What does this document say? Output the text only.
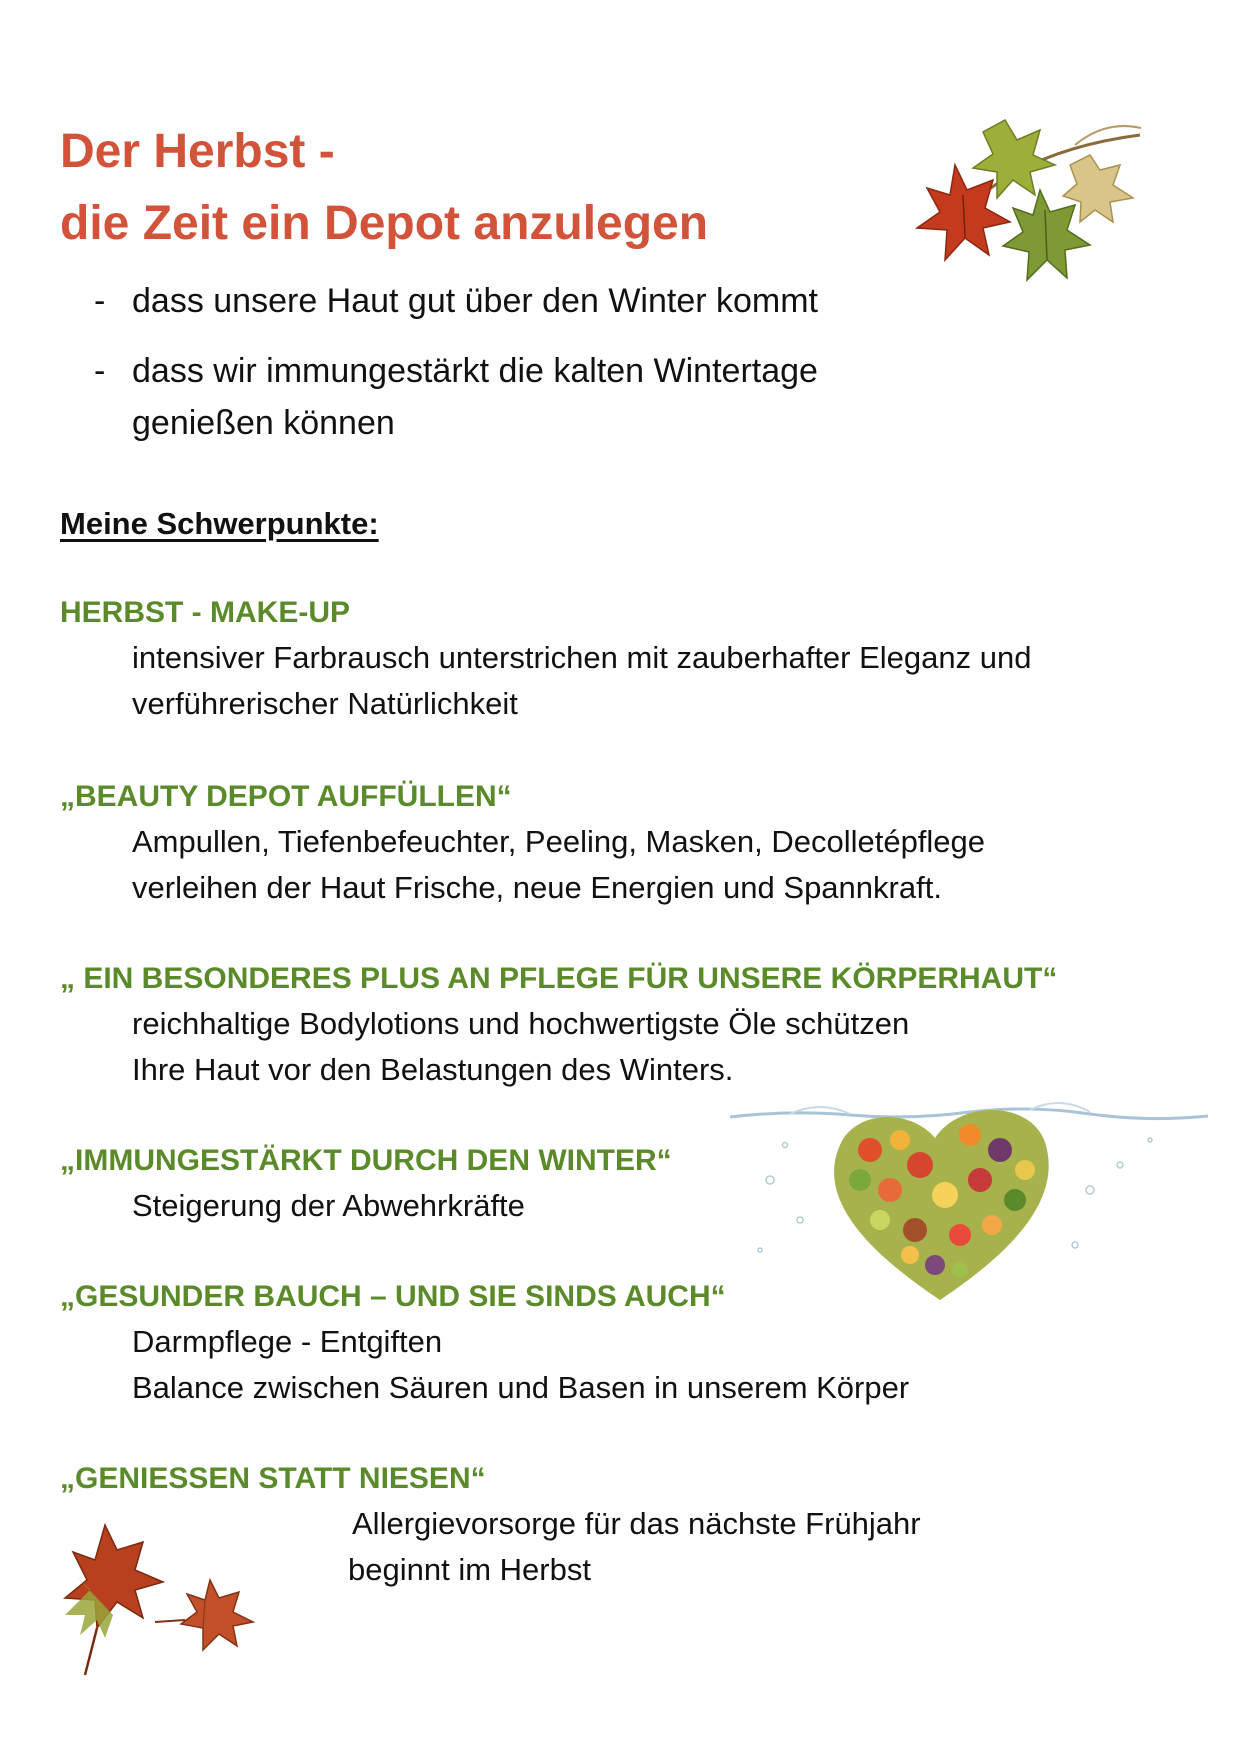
Der Herbst -
die Zeit ein Depot anzulegen
- dass unsere Haut gut über den Winter kommt
- dass wir immungestärkt die kalten Wintertage
genießen können
Meine Schwerpunkte:
HERBST - MAKE-UP
intensiver Farbrausch unterstrichen mit zauberhafter Eleganz und
verführerischer Natürlichkeit
„BEAUTY DEPOT AUFFÜLLEN“
Ampullen, Tiefenbefeuchter, Peeling, Masken, Decolletépflege
verleihen der Haut Frische, neue Energien und Spannkraft.
„ EIN BESONDERES PLUS AN PFLEGE FÜR UNSERE KÖRPERHAUT“
reichhaltige Bodylotions und hochwertigste Öle schützen
Ihre Haut vor den Belastungen des Winters.
„IMMUNGESTÄRKT DURCH DEN WINTER“
Steigerung der Abwehrkräfte
„GESUNDER BAUCH – UND SIE SINDS AUCH“
Darmpflege - Entgiften
Balance zwischen Säuren und Basen in unserem Körper
„GENIESSEN STATT NIESEN“
Allergievorsorge für das nächste Frühjahr
beginnt im Herbst
